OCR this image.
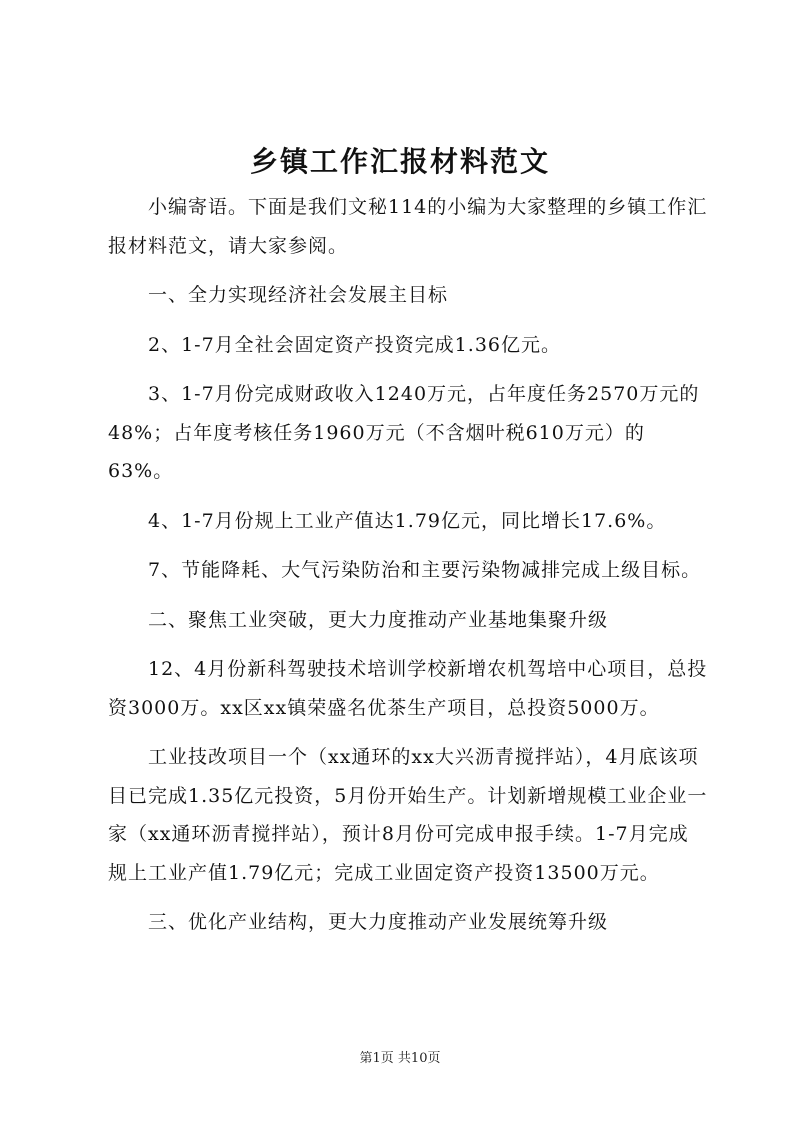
乡镇工作汇报材料范文

小编寄语。下面是我们文秘114的小编为大家整理的乡镇工作汇报材料范文，请大家参阅。

一、全力实现经济社会发展主目标

2、1-7月全社会固定资产投资完成1.36亿元。

3、1-7月份完成财政收入1240万元，占年度任务2570万元的48%；占年度考核任务1960万元（不含烟叶税610万元）的63%。

4、1-7月份规上工业产值达1.79亿元，同比增长17.6%。

7、节能降耗、大气污染防治和主要污染物减排完成上级目标。

二、聚焦工业突破，更大力度推动产业基地集聚升级

12、4月份新科驾驶技术培训学校新增农机驾培中心项目，总投资3000万。xx区xx镇荣盛名优茶生产项目，总投资5000万。

工业技改项目一个（xx通环的xx大兴沥青搅拌站），4月底该项目已完成1.35亿元投资，5月份开始生产。计划新增规模工业企业一家（xx通环沥青搅拌站），预计8月份可完成申报手续。1-7月完成规上工业产值1.79亿元；完成工业固定资产投资13500万元。

三、优化产业结构，更大力度推动产业发展统筹升级

第1页 共10页
